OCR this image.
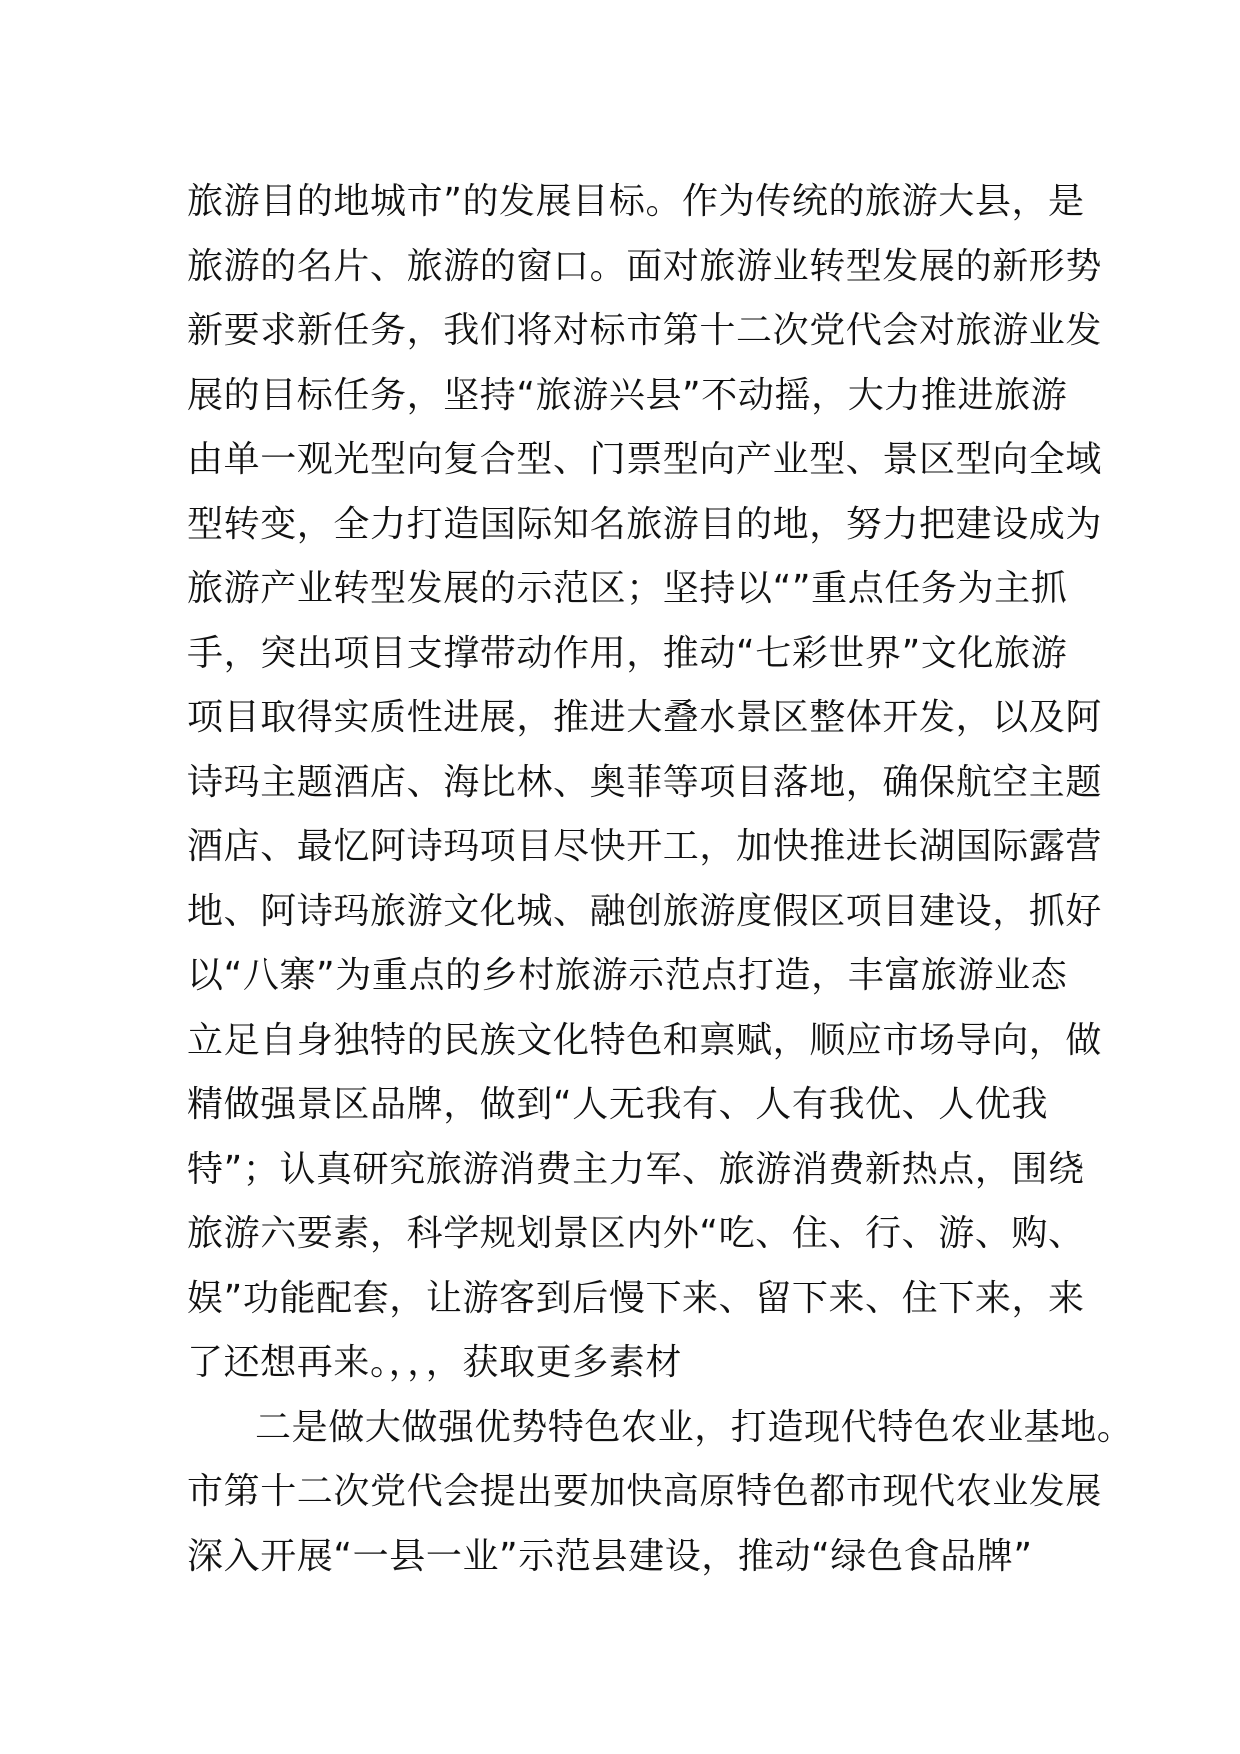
旅游目的地城市”的发展目标。作为传统的旅游大县，是
旅游的名片、旅游的窗口。面对旅游业转型发展的新形势
新要求新任务，我们将对标市第十二次党代会对旅游业发
展的目标任务，坚持“旅游兴县”不动摇，大力推进旅游
由单一观光型向复合型、门票型向产业型、景区型向全域
型转变，全力打造国际知名旅游目的地，努力把建设成为
旅游产业转型发展的示范区；坚持以“”重点任务为主抓
手，突出项目支撑带动作用，推动“七彩世界”文化旅游
项目取得实质性进展，推进大叠水景区整体开发，以及阿
诗玛主题酒店、海比林、奥菲等项目落地，确保航空主题
酒店、最忆阿诗玛项目尽快开工，加快推进长湖国际露营
地、阿诗玛旅游文化城、融创旅游度假区项目建设，抓好
以“八寨”为重点的乡村旅游示范点打造，丰富旅游业态
立足自身独特的民族文化特色和禀赋，顺应市场导向，做
精做强景区品牌，做到“人无我有、人有我优、人优我
特”；认真研究旅游消费主力军、旅游消费新热点，围绕
旅游六要素，科学规划景区内外“吃、住、行、游、购、
娱”功能配套，让游客到后慢下来、留下来、住下来，来
了还想再来。，，，获取更多素材
二是做大做强优势特色农业，打造现代特色农业基地。
市第十二次党代会提出要加快高原特色都市现代农业发展
深入开展“一县一业”示范县建设，推动“绿色食品牌”
